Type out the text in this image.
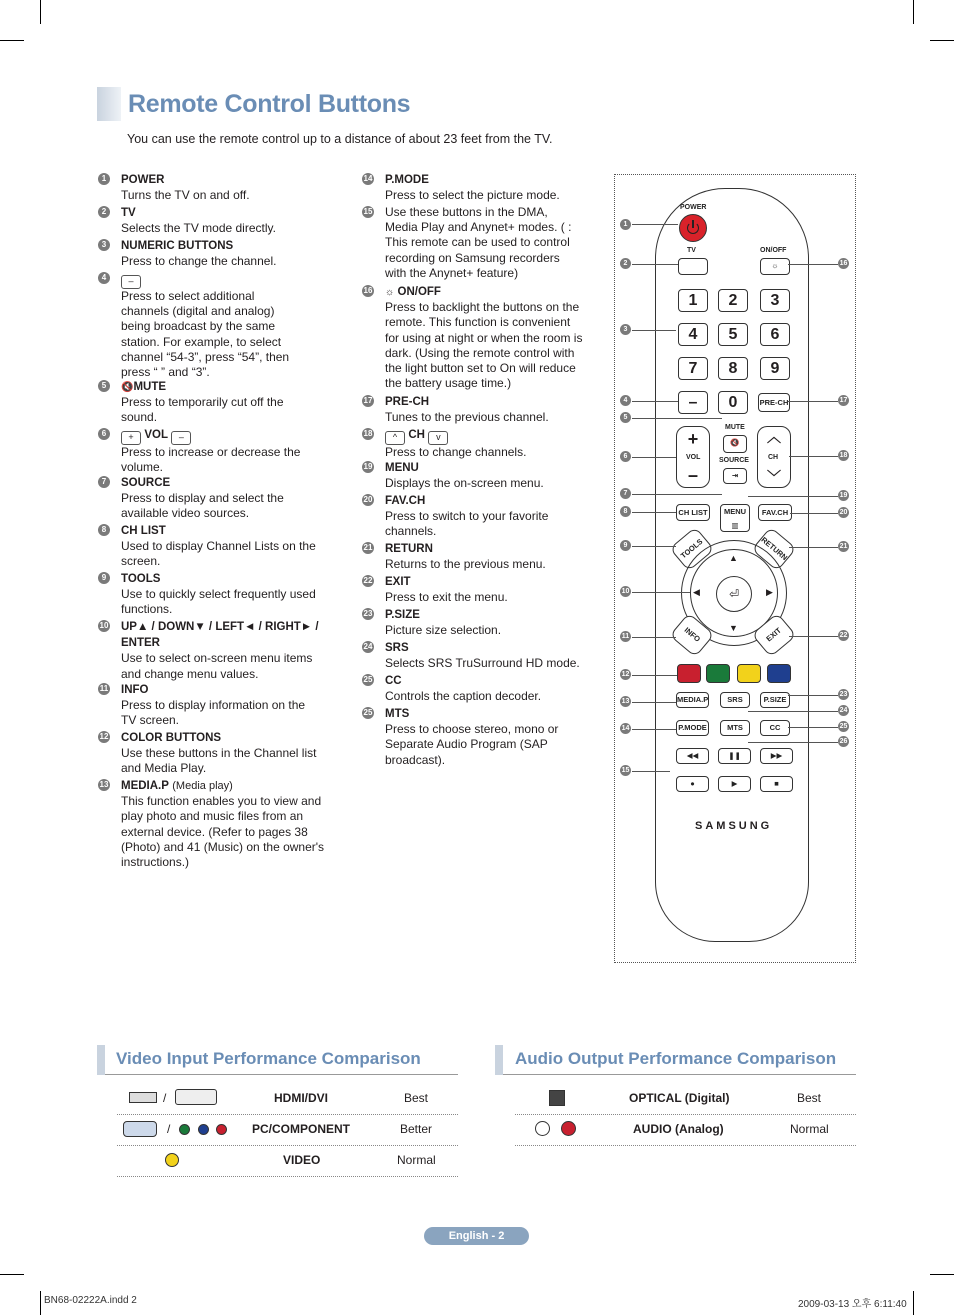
Remote Control Buttons
You can use the remote control up to a distance of about 23 feet from the TV.
1	POWER
Turns the TV on and off.
2	TV
Selects the TV mode directly.
3	NUMERIC BUTTONS
Press to change the channel.
4	–
Press to select additional channels (digital and analog) being broadcast by the same station. For example, to select channel “54-3”, press “54”, then press “ ” and “3”.
5	🔇MUTE
Press to temporarily cut off the sound.
6	+ VOL –
Press to increase or decrease the volume.
7	SOURCE
Press to display and select the available video sources.
8	CH LIST
Used to display Channel Lists on the screen.
9	TOOLS
Use to quickly select frequently used functions.
10 UP▲ / DOWN▼ / LEFT◄ / RIGHT► / ENTER
Use to select on-screen menu items and change menu values.
11 INFO
Press to display information on the TV screen.
12 COLOR BUTTONS
Use these buttons in the Channel list and Media Play.
13 MEDIA.P (Media play)
This function enables you to view and play photo and music files from an external device. (Refer to pages 38 (Photo) and 41 (Music) on the owner's instructions.)
14 P.MODE
Press to select the picture mode.
15 Use these buttons in the DMA, Media Play and Anynet+ modes. ( : This remote can be used to control recording on Samsung recorders with the Anynet+ feature)
16 ☼ ON/OFF
Press to backlight the buttons on the remote. This function is convenient for using at night or when the room is dark. (Using the remote control with the light button set to On will reduce the battery usage time.)
17 PRE-CH
Tunes to the previous channel.
18	^ CH v
Press to change channels.
19 MENU
Displays the on-screen menu.
20 FAV.CH
Press to switch to your favorite channels.
21 RETURN
Returns to the previous menu.
22 EXIT
Press to exit the menu.
23 P.SIZE
Picture size selection.
24 SRS
Selects SRS TruSurround HD mode.
25 CC
Controls the caption decoder.
25 MTS
Press to choose stereo, mono or Separate Audio Program (SAP broadcast).
POWER
TV	ON/OFF
☼
1	2	3
4	5	6
7	8	9
–	0	PRE-CH
+
VOL
–
MUTE
🔇
SOURCE
⇥
︿
CH
﹀
CH LIST	MENU
▥
FAV.CH
TOOLS	RETURN
▲
▼
◀	▶
⏎
INFO	EXIT
MEDIA.P	SRS	P.SIZE
P.MODE	MTS	CC
◀◀	❚❚	▶▶
●	▶	■
SAMSUNG
1
2
3
4
5
6
7
8
9
10
11
12
13
14
15
16
17
18
19
20
21
22
23
24
25
26
Video Input Performance Comparison
/	HDMI/DVI	Best
/	PC/COMPONENT	Better
VIDEO	Normal
Audio Output Performance Comparison
OPTICAL (Digital)	Best
AUDIO (Analog)	Normal
English - 2
BN68-02222A.indd 2	2009-03-13 오후 6:11:40
